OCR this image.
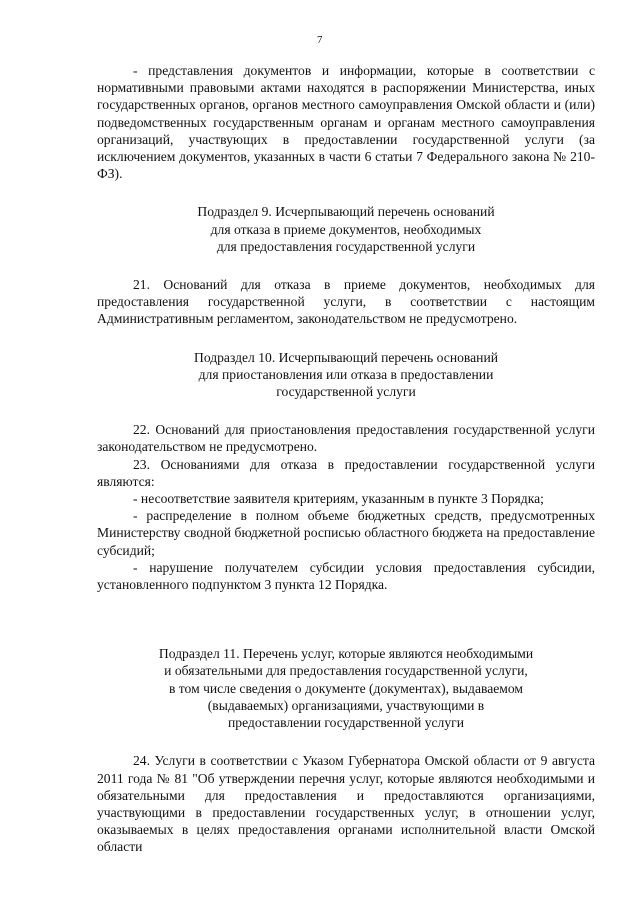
7

- представления документов и информации, которые в соответствии с нормативными правовыми актами находятся в распоряжении Министерства, иных государственных органов, органов местного самоуправления Омской области и (или) подведомственных государственным органам и органам местного самоуправления организаций, участвующих в предоставлении государственной услуги (за исключением документов, указанных в части 6 статьи 7 Федерального закона № 210-ФЗ).

Подраздел 9. Исчерпывающий перечень оснований
для отказа в приеме документов, необходимых
для предоставления государственной услуги

21. Оснований для отказа в приеме документов, необходимых для предоставления государственной услуги, в соответствии с настоящим Административным регламентом, законодательством не предусмотрено.

Подраздел 10. Исчерпывающий перечень оснований
для приостановления или отказа в предоставлении
государственной услуги

22. Оснований для приостановления предоставления государственной услуги законодательством не предусмотрено.

23. Основаниями для отказа в предоставлении государственной услуги являются:

- несоответствие заявителя критериям, указанным в пункте 3 Порядка;

- распределение в полном объеме бюджетных средств, предусмотренных Министерству сводной бюджетной росписью областного бюджета на предоставление субсидий;

- нарушение получателем субсидии условия предоставления субсидии, установленного подпунктом 3 пункта 12 Порядка.

Подраздел 11. Перечень услуг, которые являются необходимыми
и обязательными для предоставления государственной услуги,
в том числе сведения о документе (документах), выдаваемом
(выдаваемых) организациями, участвующими в
предоставлении государственной услуги

24. Услуги в соответствии с Указом Губернатора Омской области от 9 августа 2011 года № 81 "Об утверждении перечня услуг, которые являются необходимыми и обязательными для предоставления и предоставляются организациями, участвующими в предоставлении государственных услуг, в отношении услуг, оказываемых в целях предоставления органами исполнительной власти Омской области
